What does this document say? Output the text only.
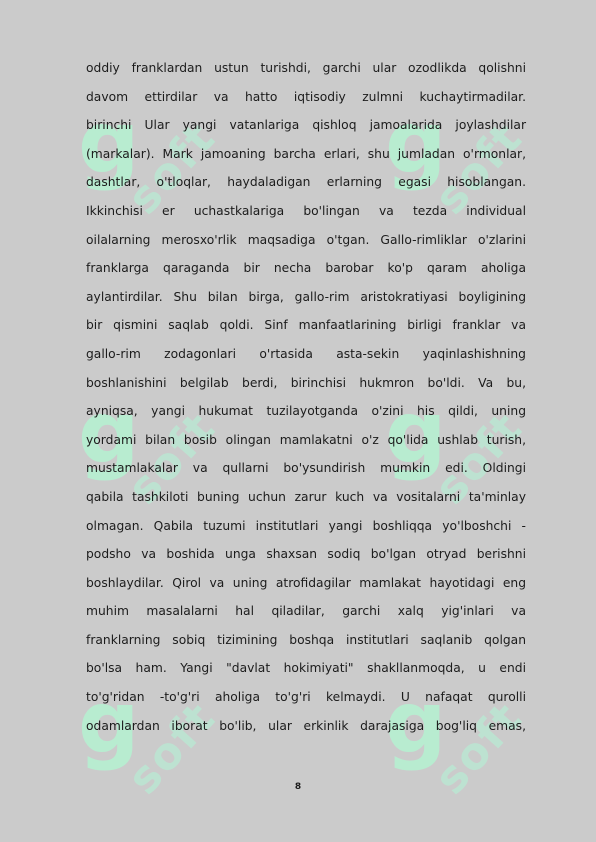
g
soft
g
soft
g
soft
g
soft
g
soft
g
soft
oddiy franklardan ustun turishdi, garchi ular ozodlikda qolishni
davom ettirdilar va hatto iqtisodiy zulmni kuchaytirmadilar.
birinchi Ular yangi vatanlariga qishloq jamoalarida joylashdilar
(markalar). Mark jamoaning barcha erlari, shu jumladan o'rmonlar,
dashtlar, o'tloqlar, haydaladigan erlarning egasi hisoblangan.
Ikkinchisi er uchastkalariga bo'lingan va tezda individual
oilalarning merosxo'rlik maqsadiga o'tgan. Gallo-rimliklar o'zlarini
franklarga qaraganda bir necha barobar ko'p qaram aholiga
aylantirdilar. Shu bilan birga, gallo-rim aristokratiyasi boyligining
bir qismini saqlab qoldi. Sinf manfaatlarining birligi franklar va
gallo-rim zodagonlari o'rtasida asta-sekin yaqinlashishning
boshlanishini belgilab berdi, birinchisi hukmron bo'ldi. Va bu,
ayniqsa, yangi hukumat tuzilayotganda o'zini his qildi, uning
yordami bilan bosib olingan mamlakatni o'z qo'lida ushlab turish,
mustamlakalar va qullarni bo'ysundirish mumkin edi. Oldingi
qabila tashkiloti buning uchun zarur kuch va vositalarni ta'minlay
olmagan. Qabila tuzumi institutlari yangi boshliqqa yo'lboshchi -
podsho va boshida unga shaxsan sodiq bo'lgan otryad berishni
boshlaydilar. Qirol va uning atrofidagilar mamlakat hayotidagi eng
muhim masalalarni hal qiladilar, garchi xalq yig'inlari va
franklarning sobiq tizimining boshqa institutlari saqlanib qolgan
bo'lsa ham. Yangi "davlat hokimiyati" shakllanmoqda, u endi
to'g'ridan -to'g'ri aholiga to'g'ri kelmaydi. U nafaqat qurolli
odamlardan iborat bo'lib, ular erkinlik darajasiga bog'liq emas,
8
